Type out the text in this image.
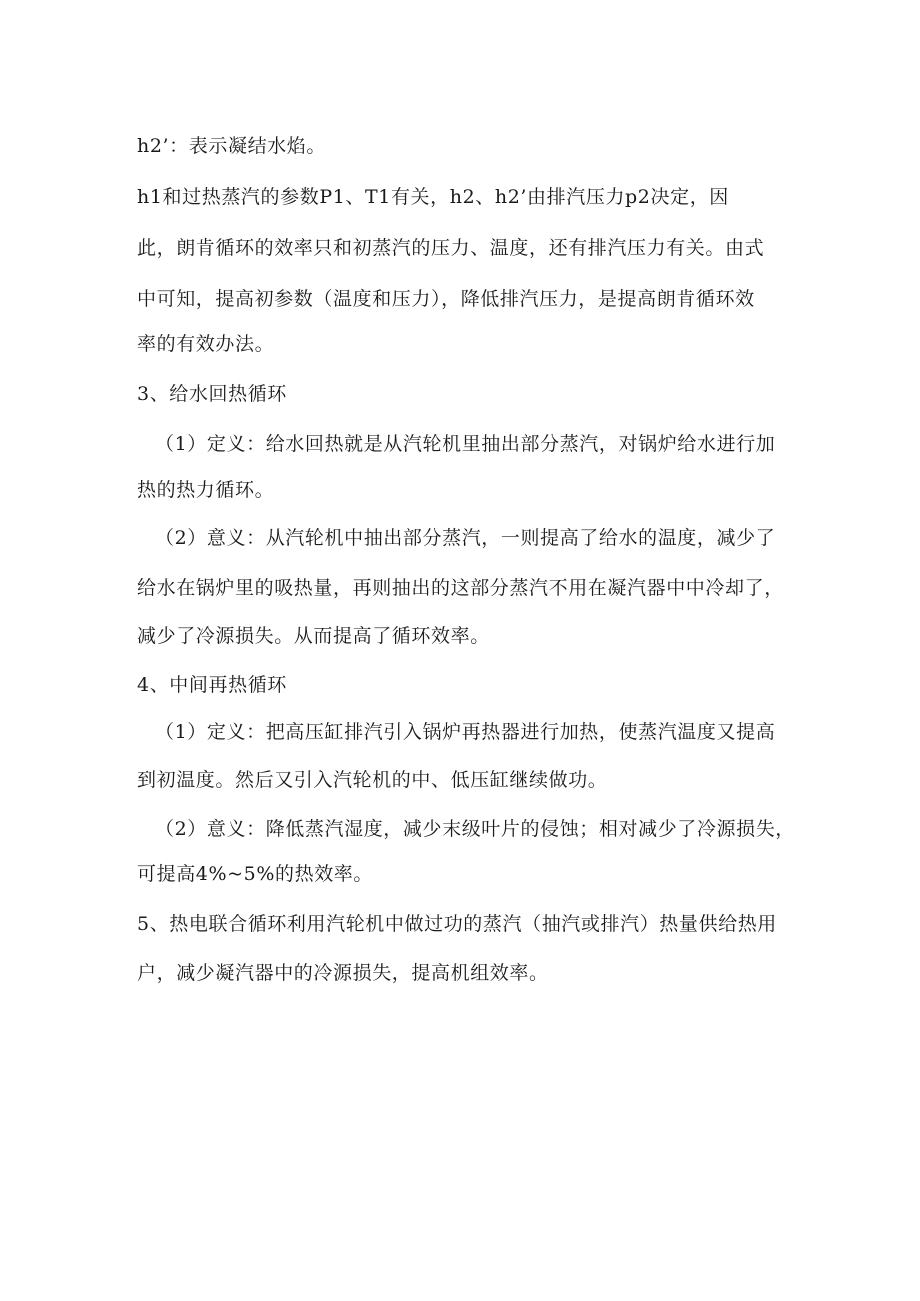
h2’：表示凝结水焰。
h1和过热蒸汽的参数P1、T1有关，h2、h2’由排汽压力p2决定，因
此，朗肯循环的效率只和初蒸汽的压力、温度，还有排汽压力有关。由式
中可知，提高初参数（温度和压力），降低排汽压力，是提高朗肯循环效
率的有效办法。
3、给水回热循环
（1）定义：给水回热就是从汽轮机里抽出部分蒸汽，对锅炉给水进行加
热的热力循环。
（2）意义：从汽轮机中抽出部分蒸汽，一则提高了给水的温度，减少了
给水在锅炉里的吸热量，再则抽出的这部分蒸汽不用在凝汽器中中冷却了，
减少了冷源损失。从而提高了循环效率。
4、中间再热循环
（1）定义：把高压缸排汽引入锅炉再热器进行加热，使蒸汽温度又提高
到初温度。然后又引入汽轮机的中、低压缸继续做功。
（2）意义：降低蒸汽湿度，减少末级叶片的侵蚀；相对减少了冷源损失，
可提高4%~5%的热效率。
5、热电联合循环利用汽轮机中做过功的蒸汽（抽汽或排汽）热量供给热用
户，减少凝汽器中的冷源损失，提高机组效率。
